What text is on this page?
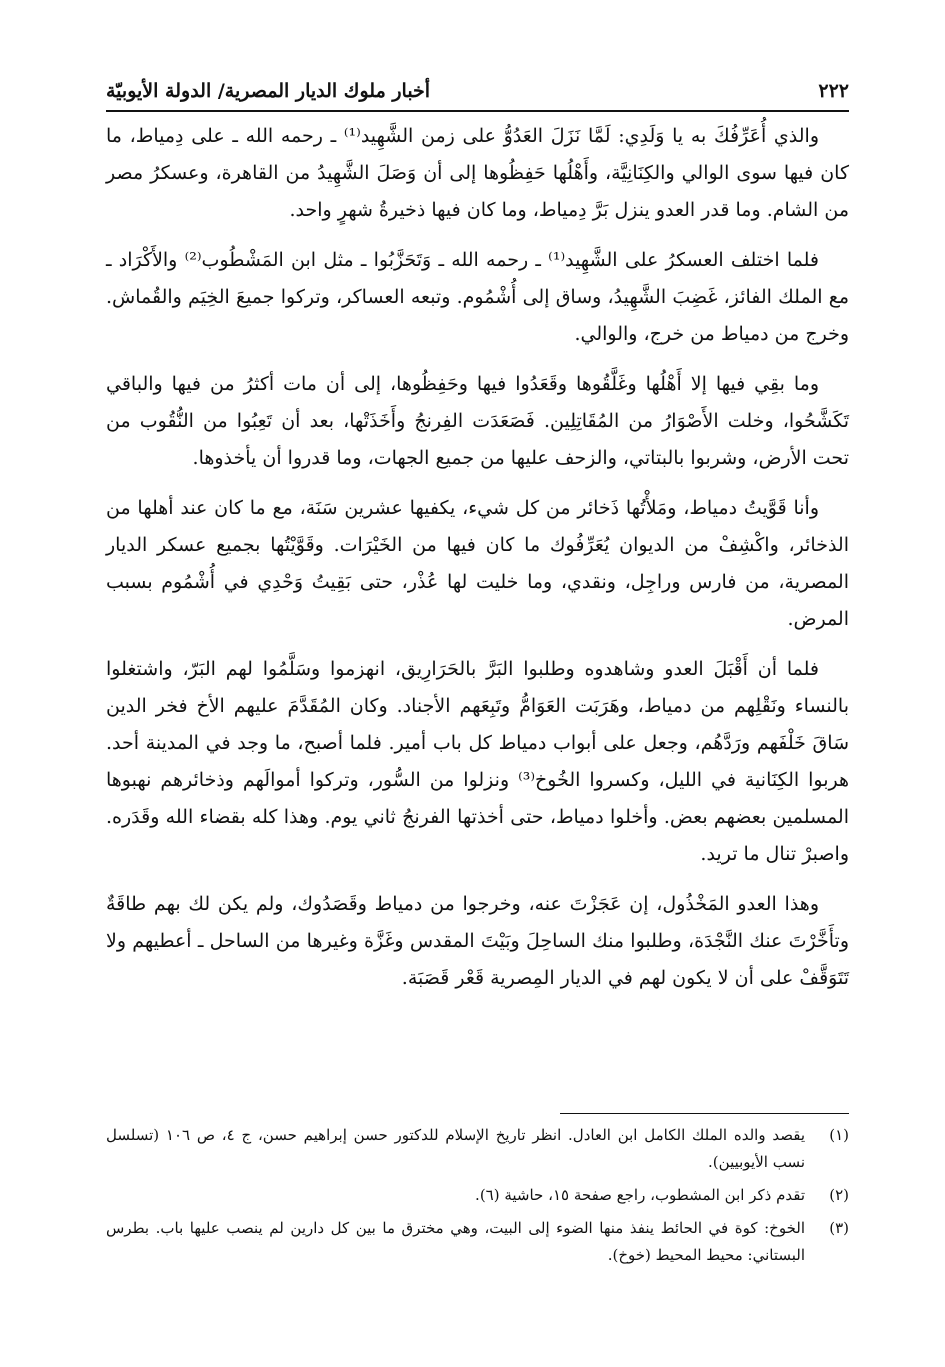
٢٢٢
أخبار ملوك الديار المصرية/ الدولة الأيوبيّة

والذي أُعَرِّفُكَ به يا وَلَدِي: لَمَّا نَزَلَ العَدُوُّ على زمن الشَّهِيد⁽¹⁾ ـ رحمه الله ـ على دِمياط، ما كان فيها سوى الوالي والكِنَانِيَّة، وأَهْلُها حَفِظُوها إلى أن وَصَلَ الشَّهِيدُ من القاهرة، وعسكرُ مصر من الشام. وما قدر العدو ينزل بَرَّ دِمياط، وما كان فيها ذخيرةُ شهرٍ واحد.

فلما اختلف العسكرُ على الشَّهِيد⁽¹⁾ ـ رحمه الله ـ وَتَحَزَّبُوا ـ مثل ابن المَشْطُوب⁽²⁾ والأَكْرَاد ـ مع الملك الفائز، غَضِبَ الشَّهِيدُ، وساق إلى أُشْمُوم. وتبعه العساكر، وتركوا جميعَ الخِيَم والقُماش. وخرج من دمياط من خرج، والوالي.

وما بقِي فيها إلا أَهْلُها وغَلَّقُوها وقَعَدُوا فيها وحَفِظُوها، إلى أن مات أكثرُ من فيها والباقي تَكَشَّحُوا، وخلت الأَصْوَارُ من المُقَاتِلِين. فَصَعَدَت الفِرنجُ وأَخَذَتْها، بعد أن تَعِبُوا من النُّقُوب من تحت الأرض، وشربوا بالبتاتي، والزحف عليها من جميع الجهات، وما قدروا أن يأخذوها.

وأنا قَوَّيتُ دمياط، ومَلأْتُها ذَخائر من كل شيء، يكفيها عشرين سَنَة، مع ما كان عند أهلها من الذخائر، واكْشِفْ من الديوان يُعَرِّفُوك ما كان فيها من الخَيْرَات. وقَوَّيْتُها بجميع عسكر الديار المصرية، من فارس وراجِل، ونقدي، وما خليت لها عُذْر، حتى بَقِيتُ وَحْدِي في أُشْمُوم بسبب المرض.

فلما أن أَقْبَلَ العدو وشاهدوه وطلبوا البَرَّ بالحَرَارِيق، انهزموا وسَلَّمُوا لهم البَرّ، واشتغلوا بالنساء ونَقْلِهم من دمياط، وهَرَبَت العَوَامُّ وتَبِعَهم الأجناد. وكان المُقَدَّمَ عليهم الأخ فخر الدين سَاقَ خَلْفَهم ورَدَّهُم، وجعل على أبواب دمياط كل باب أمير. فلما أصبح، ما وجد في المدينة أحد. هربوا الكِنَانية في الليل، وكسروا الخُوخ⁽³⁾ ونزلوا من السُّور، وتركوا أموالَهم وذخائرهم نهبوها المسلمين بعضهم بعض. وأخلوا دمياط، حتى أخذتها الفرنجُ ثاني يوم. وهذا كله بقضاء الله وقَدَره. واصبرْ تنال ما تريد.

وهذا العدو المَخْذُول، إن عَجَزْتَ عنه، وخرجوا من دمياط وقَصَدُوك، ولم يكن لك بهم طاقَةٌ وتأَخَّرْتَ عنك النَّجْدَة، وطلبوا منك الساحِلَ وبَيْتَ المقدس وغَزَّة وغيرها من الساحل ـ أعطيهم ولا تَتَوَقَّفْ على أن لا يكون لهم في الديار المِصرية قَعْر قَصَبَة.

(١)
يقصد والده الملك الكامل ابن العادل. انظر تاريخ الإسلام للدكتور حسن إبراهيم حسن، ج ٤، ص ١٠٦ (تسلسل نسب الأيوبيين).
(٢)
تقدم ذكر ابن المشطوب، راجع صفحة ١٥، حاشية (٦).
(٣)
الخوخ: كوة في الحائط ينفذ منها الضوء إلى البيت، وهي مخترق ما بين كل دارين لم ينصب عليها باب. بطرس البستاني: محيط المحيط (خوخ).
